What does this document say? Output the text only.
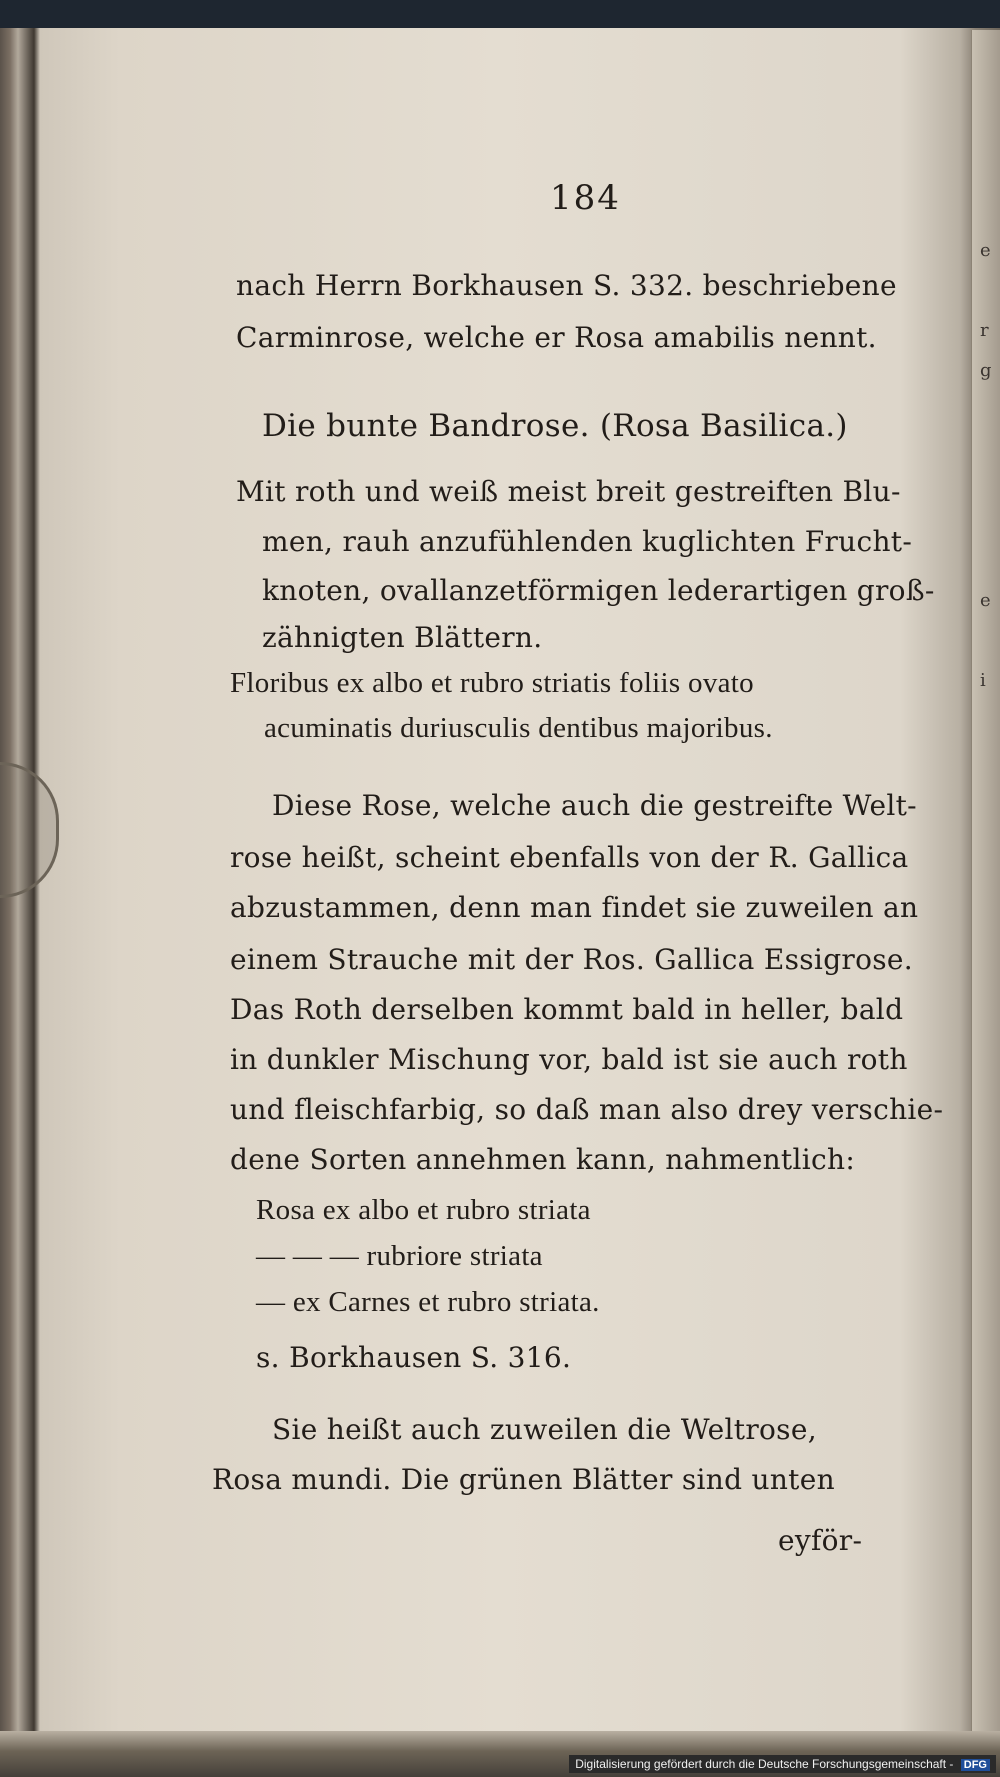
e
r
g
e
i
184
nach Herrn Borkhausen S. 332. beschriebene
Carminrose, welche er Rosa amabilis nennt.
Die bunte Bandrose. (Rosa Basilica.)
Mit roth und weiß meist breit gestreiften Blu-
men, rauh anzufühlenden kuglichten Frucht-
knoten, ovallanzetförmigen lederartigen groß-
zähnigten Blättern.
Floribus ex albo et rubro striatis foliis ovato
acuminatis duriusculis dentibus majoribus.
Diese Rose, welche auch die gestreifte Welt-
rose heißt, scheint ebenfalls von der R. Gallica
abzustammen, denn man findet sie zuweilen an
einem Strauche mit der Ros. Gallica Essigrose.
Das Roth derselben kommt bald in heller, bald
in dunkler Mischung vor, bald ist sie auch roth
und fleischfarbig, so daß man also drey verschie-
dene Sorten annehmen kann, nahmentlich:
Rosa ex albo et rubro striata
— — — rubriore striata
— ex Carnes et rubro striata.
s. Borkhausen S. 316.
Sie heißt auch zuweilen die Weltrose,
Rosa mundi. Die grünen Blätter sind unten
eyför-
Digitalisierung gefördert durch die Deutsche Forschungsgemeinschaft - DFG
